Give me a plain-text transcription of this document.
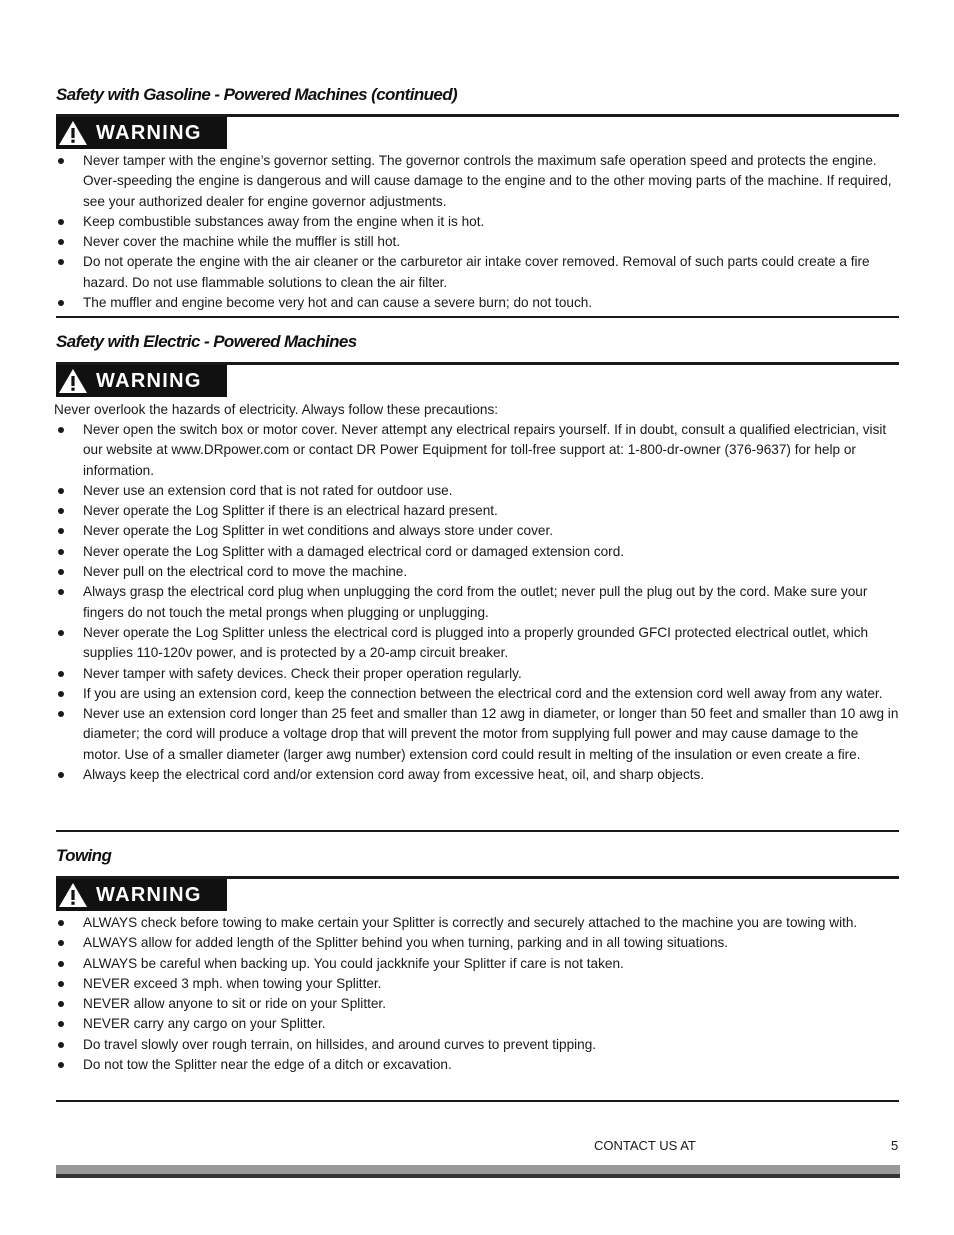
Safety with Gasoline - Powered Machines (continued)
WARNING
Never tamper with the engine’s governor setting. The governor controls the maximum safe operation speed and protects the engine. Over-speeding the engine is dangerous and will cause damage to the engine and to the other moving parts of the machine. If required, see your authorized dealer for engine governor adjustments.
Keep combustible substances away from the engine when it is hot.
Never cover the machine while the muffler is still hot.
Do not operate the engine with the air cleaner or the carburetor air intake cover removed. Removal of such parts could create a fire hazard. Do not use flammable solutions to clean the air filter.
The muffler and engine become very hot and can cause a severe burn; do not touch.
Safety with Electric - Powered Machines
WARNING
Never overlook the hazards of electricity. Always follow these precautions:
Never open the switch box or motor cover. Never attempt any electrical repairs yourself. If in doubt, consult a qualified electrician, visit our website at www.DRpower.com or contact DR Power Equipment for toll-free support at: 1-800-dr-owner (376-9637) for help or information.
Never use an extension cord that is not rated for outdoor use.
Never operate the Log Splitter if there is an electrical hazard present.
Never operate the Log Splitter in wet conditions and always store under cover.
Never operate the Log Splitter with a damaged electrical cord or damaged extension cord.
Never pull on the electrical cord to move the machine.
Always grasp the electrical cord plug when unplugging the cord from the outlet; never pull the plug out by the cord. Make sure your fingers do not touch the metal prongs when plugging or unplugging.
Never operate the Log Splitter unless the electrical cord is plugged into a properly grounded GFCI protected electrical outlet, which supplies 110-120v power, and is protected by a 20-amp circuit breaker.
Never tamper with safety devices. Check their proper operation regularly.
If you are using an extension cord, keep the connection between the electrical cord and the extension cord well away from any water.
Never use an extension cord longer than 25 feet and smaller than 12 awg in diameter, or longer than 50 feet and smaller than 10 awg in diameter; the cord will produce a voltage drop that will prevent the motor from supplying full power and may cause damage to the motor. Use of a smaller diameter (larger awg number) extension cord could result in melting of the insulation or even create a fire.
Always keep the electrical cord and/or extension cord away from excessive heat, oil, and sharp objects.
Towing
WARNING
ALWAYS check before towing to make certain your Splitter is correctly and securely attached to the machine you are towing with.
ALWAYS allow for added length of the Splitter behind you when turning, parking and in all towing situations.
ALWAYS be careful when backing up. You could jackknife your Splitter if care is not taken.
NEVER exceed 3 mph. when towing your Splitter.
NEVER allow anyone to sit or ride on your Splitter.
NEVER carry any cargo on your Splitter.
Do travel slowly over rough terrain, on hillsides, and around curves to prevent tipping.
Do not tow the Splitter near the edge of a ditch or excavation.
CONTACT US AT	5
